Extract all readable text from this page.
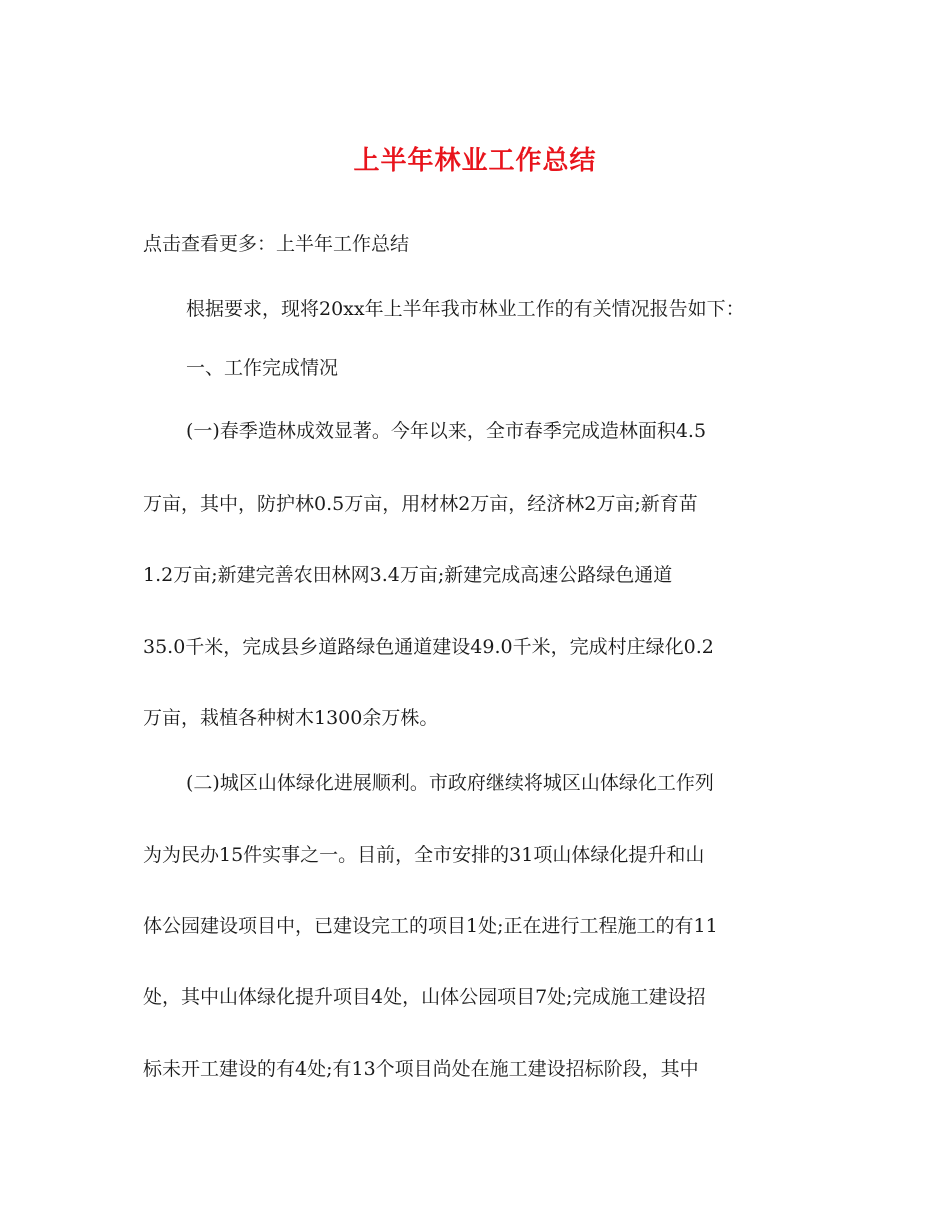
上半年林业工作总结
点击查看更多：上半年工作总结
根据要求，现将20xx年上半年我市林业工作的有关情况报告如下：
一、工作完成情况
(一)春季造林成效显著。今年以来，全市春季完成造林面积4.5
万亩，其中，防护林0.5万亩，用材林2万亩，经济林2万亩;新育苗
1.2万亩;新建完善农田林网3.4万亩;新建完成高速公路绿色通道
35.0千米，完成县乡道路绿色通道建设49.0千米，完成村庄绿化0.2
万亩，栽植各种树木1300余万株。
(二)城区山体绿化进展顺利。市政府继续将城区山体绿化工作列
为为民办15件实事之一。目前，全市安排的31项山体绿化提升和山
体公园建设项目中，已建设完工的项目1处;正在进行工程施工的有11
处，其中山体绿化提升项目4处，山体公园项目7处;完成施工建设招
标未开工建设的有4处;有13个项目尚处在施工建设招标阶段，其中
